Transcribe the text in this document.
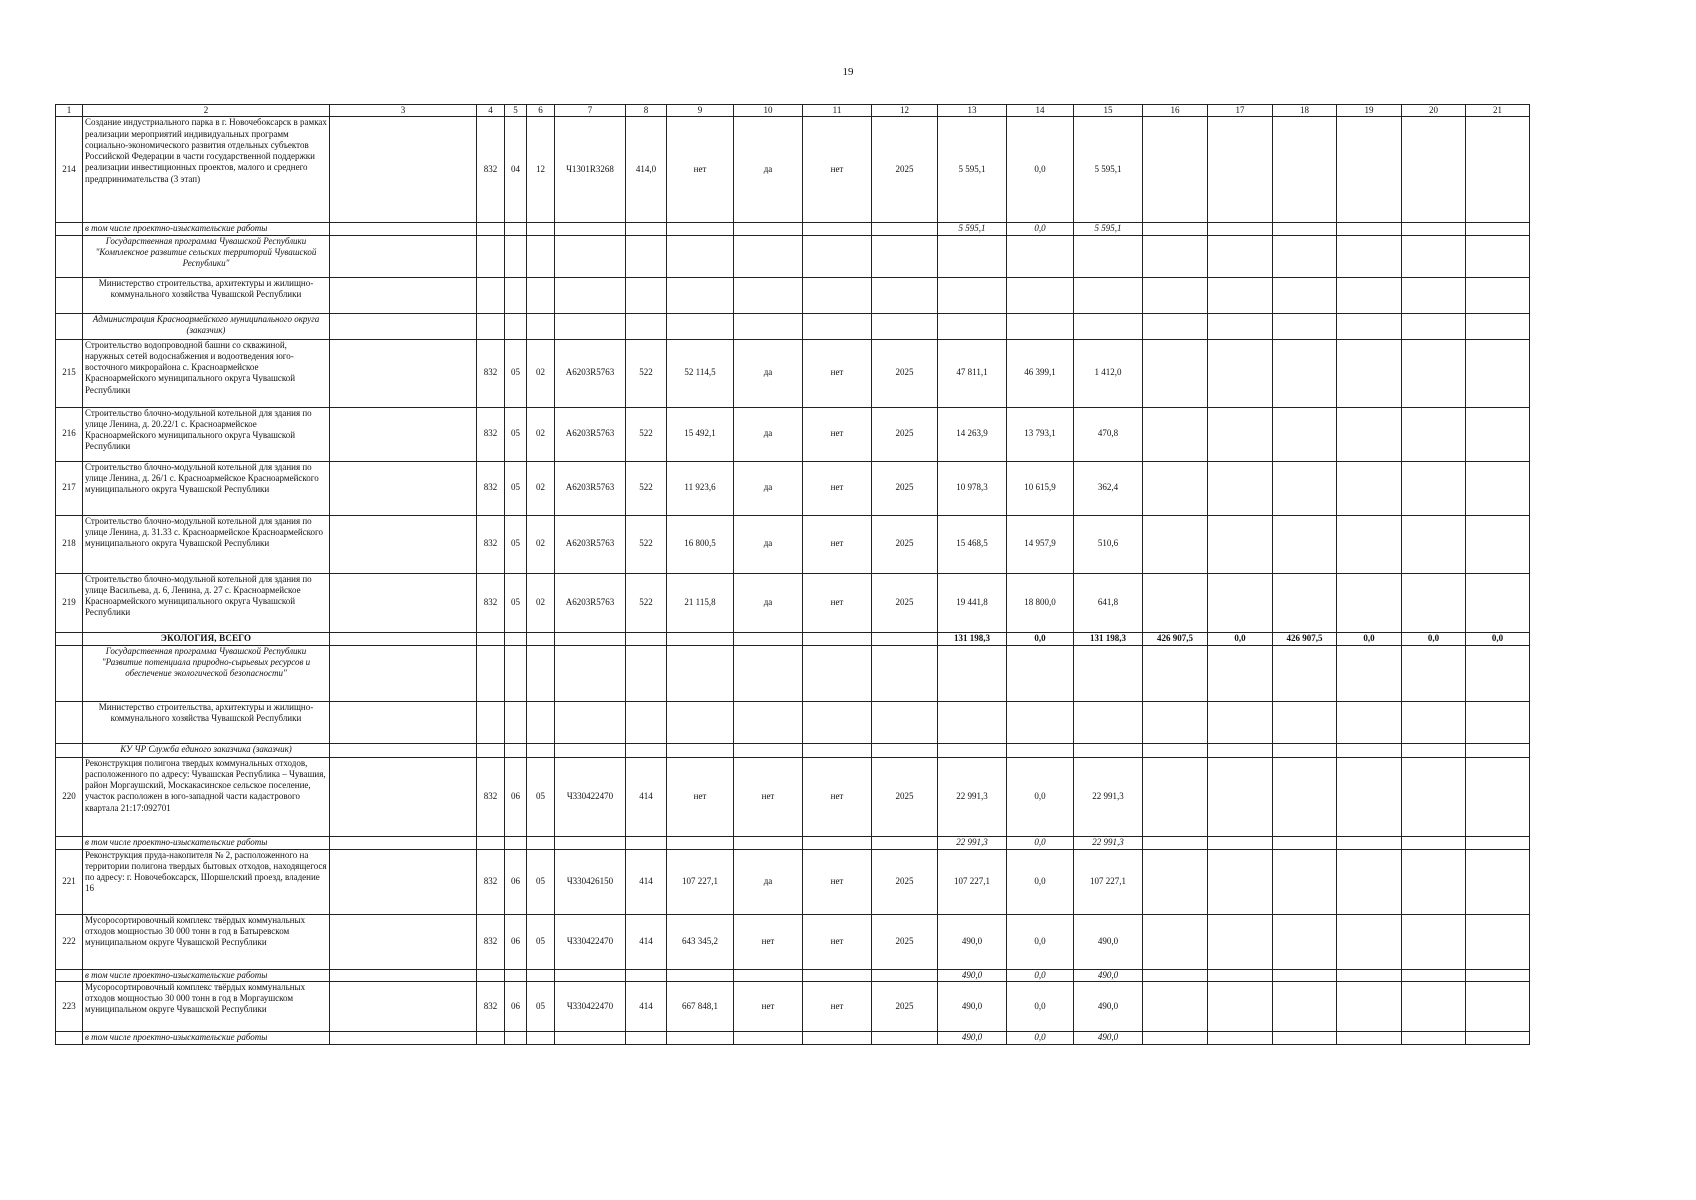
19
1	2	3	4	5	6	7	8	9	10	11	12	13	14	15	16	17	18	19	20	21
214	Создание индустриального парка в г. Новочебоксарск в рамках реализации мероприятий индивидуальных программ социально-экономического развития отдельных субъектов Российской Федерации в части государственной поддержки реализации инвестиционных проектов, малого и среднего предпринимательства (3 этап)		832	04	12	Ч1301R3268	414,0	нет	да	нет	2025	5 595,1	0,0	5 595,1						
	в том числе проектно-изыскательские работы											5 595,1	0,0	5 595,1						
	Государственная программа Чувашской Республики "Комплексное развитие сельских территорий Чувашской Республики"																			
	Министерство строительства, архитектуры и жилищно-коммунального хозяйства Чувашской Республики																			
	Администрация Красноармейского муниципального округа (заказчик)																			
215	Строительство водопроводной башни со скважиной, наружных сетей водоснабжения и водоотведения юго-восточного микрорайона с. Красноармейское Красноармейского муниципального округа Чувашской Республики		832	05	02	А6203R5763	522	52 114,5	да	нет	2025	47 811,1	46 399,1	1 412,0						
216	Строительство блочно-модульной котельной для здания по улице Ленина, д. 20.22/1 с. Красноармейское Красноармейского муниципального округа Чувашской Республики		832	05	02	А6203R5763	522	15 492,1	да	нет	2025	14 263,9	13 793,1	470,8						
217	Строительство блочно-модульной котельной для здания по улице Ленина, д. 26/1 с. Красноармейское Красноармейского муниципального округа Чувашской Республики		832	05	02	А6203R5763	522	11 923,6	да	нет	2025	10 978,3	10 615,9	362,4						
218	Строительство блочно-модульной котельной для здания по улице Ленина, д. 31.33 с. Красноармейское Красноармейского муниципального округа Чувашской Республики		832	05	02	А6203R5763	522	16 800,5	да	нет	2025	15 468,5	14 957,9	510,6						
219	Строительство блочно-модульной котельной для здания по улице Васильева, д. 6, Ленина, д. 27 с. Красноармейское Красноармейского муниципального округа Чувашской Республики		832	05	02	А6203R5763	522	21 115,8	да	нет	2025	19 441,8	18 800,0	641,8						
	ЭКОЛОГИЯ, ВСЕГО											131 198,3	0,0	131 198,3	426 907,5	0,0	426 907,5	0,0	0,0	0,0
	Государственная программа Чувашской Республики "Развитие потенциала природно-сырьевых ресурсов и обеспечение экологической безопасности"																			
	Министерство строительства, архитектуры и жилищно-коммунального хозяйства Чувашской Республики																			
	КУ ЧР Служба единого заказчика (заказчик)																			
220	Реконструкция полигона твердых коммунальных отходов, расположенного по адресу: Чувашская Республика – Чувашия, район Моргаушский, Москакасинское сельское поселение, участок расположен в юго-западной части кадастрового квартала 21:17:092701		832	06	05	Ч330422470	414	нет	нет	нет	2025	22 991,3	0,0	22 991,3						
	в том числе проектно-изыскательские работы											22 991,3	0,0	22 991,3						
221	Реконструкция пруда-накопителя № 2, расположенного на территории полигона твердых бытовых отходов, находящегося по адресу: г. Новочебоксарск, Шоршелский проезд, владение 16		832	06	05	Ч330426150	414	107 227,1	да	нет	2025	107 227,1	0,0	107 227,1						
222	Мусоросортировочный комплекс твёрдых коммунальных отходов мощностью 30 000 тонн в год в Батыревском муниципальном округе Чувашской Республики		832	06	05	Ч330422470	414	643 345,2	нет	нет	2025	490,0	0,0	490,0						
	в том числе проектно-изыскательские работы											490,0	0,0	490,0						
223	Мусоросортировочный комплекс твёрдых коммунальных отходов мощностью 30 000 тонн в год в Моргаушском муниципальном округе Чувашской Республики		832	06	05	Ч330422470	414	667 848,1	нет	нет	2025	490,0	0,0	490,0						
	в том числе проектно-изыскательские работы											490,0	0,0	490,0						
